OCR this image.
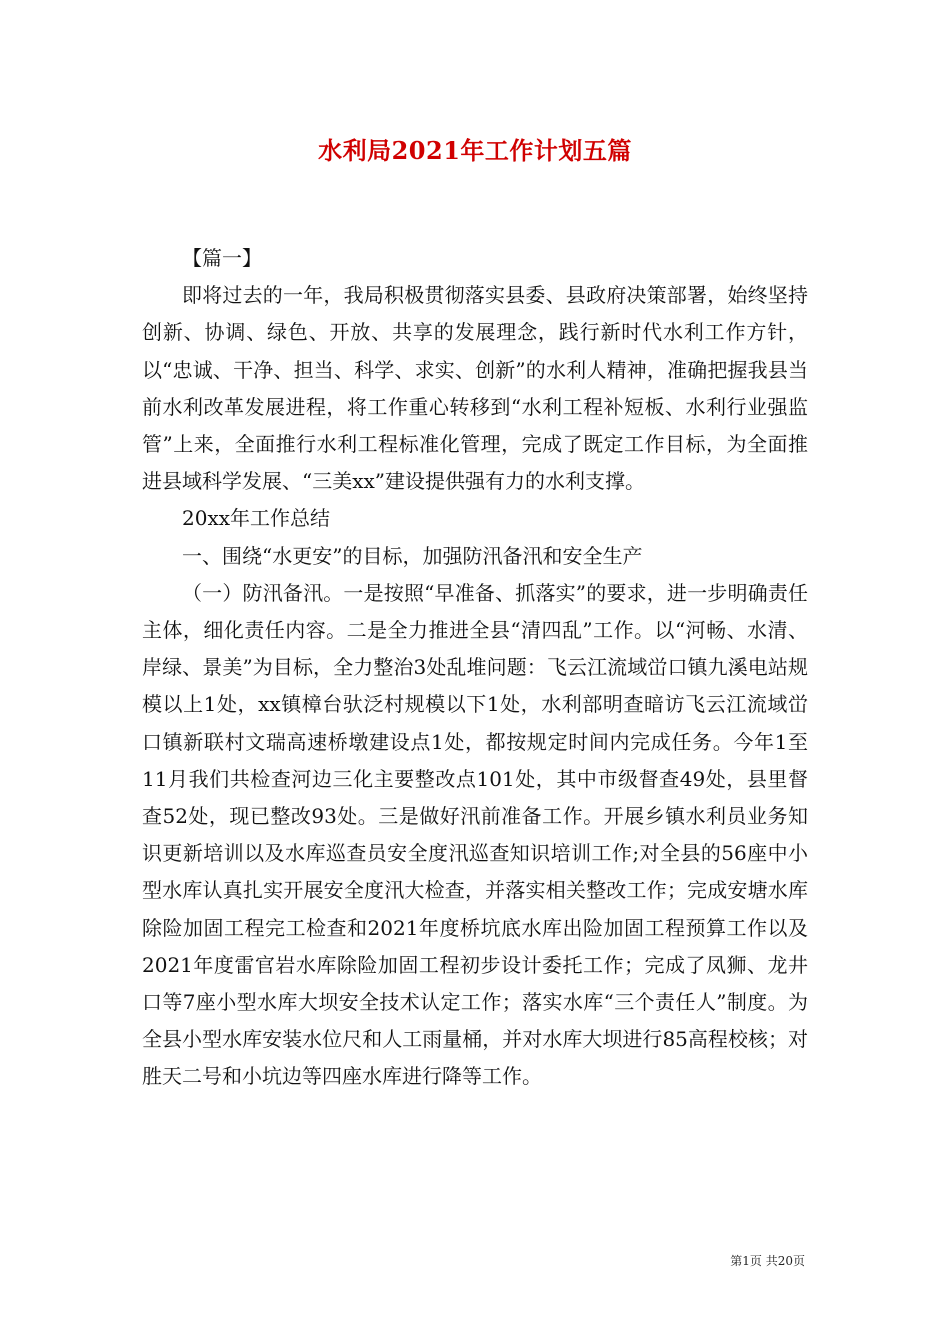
水利局2021年工作计划五篇

【篇一】

即将过去的一年，我局积极贯彻落实县委、县政府决策部署，始终坚持创新、协调、绿色、开放、共享的发展理念，践行新时代水利工作方针，以“忠诚、干净、担当、科学、求实、创新”的水利人精神，准确把握我县当前水利改革发展进程，将工作重心转移到“水利工程补短板、水利行业强监管”上来，全面推行水利工程标准化管理，完成了既定工作目标，为全面推进县域科学发展、“三美xx”建设提供强有力的水利支撑。

20xx年工作总结

一、围绕“水更安”的目标，加强防汛备汛和安全生产

（一）防汛备汛。一是按照“早准备、抓落实”的要求，进一步明确责任主体，细化责任内容。二是全力推进全县“清四乱”工作。以“河畅、水清、岸绿、景美”为目标，全力整治3处乱堆问题：飞云江流域峃口镇九溪电站规模以上1处，xx镇樟台驮泛村规模以下1处，水利部明查暗访飞云江流域峃口镇新联村文瑞高速桥墩建设点1处，都按规定时间内完成任务。今年1至11月我们共检查河边三化主要整改点101处，其中市级督查49处，县里督查52处，现已整改93处。三是做好汛前准备工作。开展乡镇水利员业务知识更新培训以及水库巡查员安全度汛巡查知识培训工作;对全县的56座中小型水库认真扎实开展安全度汛大检查，并落实相关整改工作；完成安塘水库除险加固工程完工检查和2021年度桥坑底水库出险加固工程预算工作以及2021年度雷官岩水库除险加固工程初步设计委托工作；完成了凤狮、龙井口等7座小型水库大坝安全技术认定工作；落实水库“三个责任人”制度。为全县小型水库安装水位尺和人工雨量桶，并对水库大坝进行85高程校核；对胜天二号和小坑边等四座水库进行降等工作。

第1页 共20页
